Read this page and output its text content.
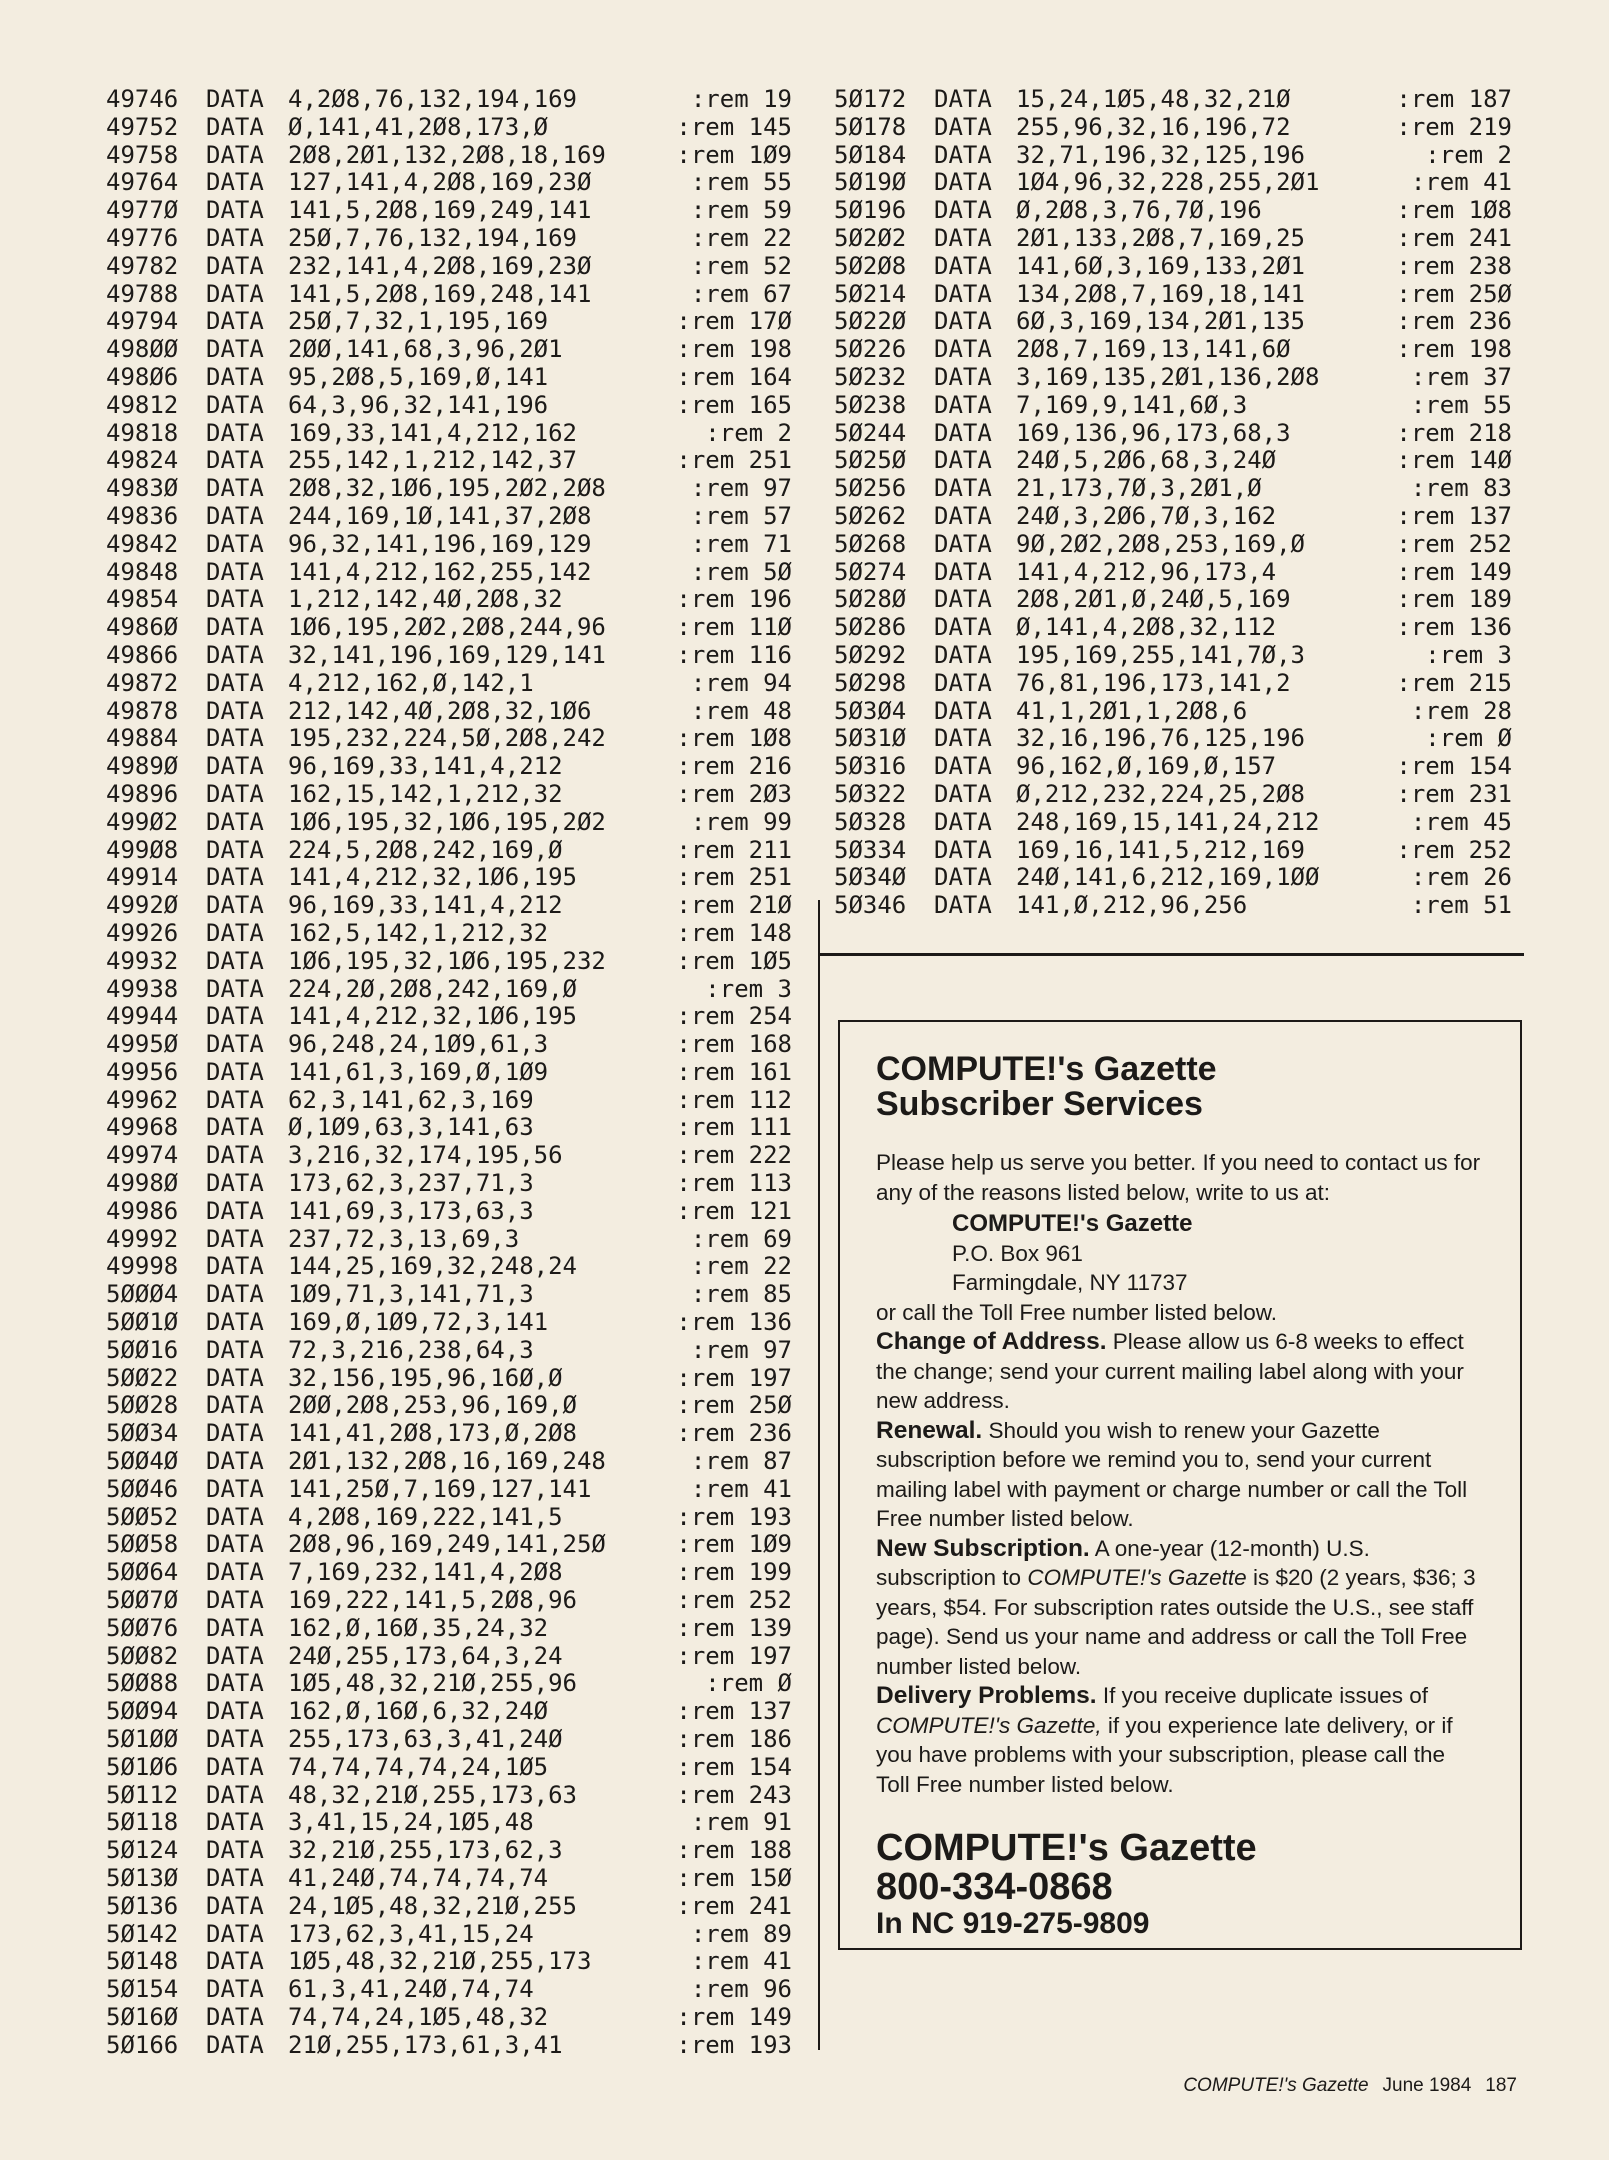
49746 DATA 4,2Ø8,76,132,194,169	:rem 19
49752 DATA Ø,141,41,2Ø8,173,Ø	:rem 145
49758 DATA 2Ø8,2Ø1,132,2Ø8,18,169	:rem 1Ø9
49764 DATA 127,141,4,2Ø8,169,23Ø	:rem 55
4977Ø DATA 141,5,2Ø8,169,249,141	:rem 59
49776 DATA 25Ø,7,76,132,194,169	:rem 22
49782 DATA 232,141,4,2Ø8,169,23Ø	:rem 52
49788 DATA 141,5,2Ø8,169,248,141	:rem 67
49794 DATA 25Ø,7,32,1,195,169	:rem 17Ø
498ØØ DATA 2ØØ,141,68,3,96,2Ø1	:rem 198
498Ø6 DATA 95,2Ø8,5,169,Ø,141	:rem 164
49812 DATA 64,3,96,32,141,196	:rem 165
49818 DATA 169,33,141,4,212,162	:rem 2
49824 DATA 255,142,1,212,142,37	:rem 251
4983Ø DATA 2Ø8,32,1Ø6,195,2Ø2,2Ø8	:rem 97
49836 DATA 244,169,1Ø,141,37,2Ø8	:rem 57
49842 DATA 96,32,141,196,169,129	:rem 71
49848 DATA 141,4,212,162,255,142	:rem 5Ø
49854 DATA 1,212,142,4Ø,2Ø8,32	:rem 196
4986Ø DATA 1Ø6,195,2Ø2,2Ø8,244,96	:rem 11Ø
49866 DATA 32,141,196,169,129,141	:rem 116
49872 DATA 4,212,162,Ø,142,1	:rem 94
49878 DATA 212,142,4Ø,2Ø8,32,1Ø6	:rem 48
49884 DATA 195,232,224,5Ø,2Ø8,242	:rem 1Ø8
4989Ø DATA 96,169,33,141,4,212	:rem 216
49896 DATA 162,15,142,1,212,32	:rem 2Ø3
499Ø2 DATA 1Ø6,195,32,1Ø6,195,2Ø2	:rem 99
499Ø8 DATA 224,5,2Ø8,242,169,Ø	:rem 211
49914 DATA 141,4,212,32,1Ø6,195	:rem 251
4992Ø DATA 96,169,33,141,4,212	:rem 21Ø
49926 DATA 162,5,142,1,212,32	:rem 148
49932 DATA 1Ø6,195,32,1Ø6,195,232	:rem 1Ø5
49938 DATA 224,2Ø,2Ø8,242,169,Ø	:rem 3
49944 DATA 141,4,212,32,1Ø6,195	:rem 254
4995Ø DATA 96,248,24,1Ø9,61,3	:rem 168
49956 DATA 141,61,3,169,Ø,1Ø9	:rem 161
49962 DATA 62,3,141,62,3,169	:rem 112
49968 DATA Ø,1Ø9,63,3,141,63	:rem 111
49974 DATA 3,216,32,174,195,56	:rem 222
4998Ø DATA 173,62,3,237,71,3	:rem 113
49986 DATA 141,69,3,173,63,3	:rem 121
49992 DATA 237,72,3,13,69,3	:rem 69
49998 DATA 144,25,169,32,248,24	:rem 22
5ØØØ4 DATA 1Ø9,71,3,141,71,3	:rem 85
5ØØ1Ø DATA 169,Ø,1Ø9,72,3,141	:rem 136
5ØØ16 DATA 72,3,216,238,64,3	:rem 97
5ØØ22 DATA 32,156,195,96,16Ø,Ø	:rem 197
5ØØ28 DATA 2ØØ,2Ø8,253,96,169,Ø	:rem 25Ø
5ØØ34 DATA 141,41,2Ø8,173,Ø,2Ø8	:rem 236
5ØØ4Ø DATA 2Ø1,132,2Ø8,16,169,248	:rem 87
5ØØ46 DATA 141,25Ø,7,169,127,141	:rem 41
5ØØ52 DATA 4,2Ø8,169,222,141,5	:rem 193
5ØØ58 DATA 2Ø8,96,169,249,141,25Ø	:rem 1Ø9
5ØØ64 DATA 7,169,232,141,4,2Ø8	:rem 199
5ØØ7Ø DATA 169,222,141,5,2Ø8,96	:rem 252
5ØØ76 DATA 162,Ø,16Ø,35,24,32	:rem 139
5ØØ82 DATA 24Ø,255,173,64,3,24	:rem 197
5ØØ88 DATA 1Ø5,48,32,21Ø,255,96	:rem Ø
5ØØ94 DATA 162,Ø,16Ø,6,32,24Ø	:rem 137
5Ø1ØØ DATA 255,173,63,3,41,24Ø	:rem 186
5Ø1Ø6 DATA 74,74,74,74,24,1Ø5	:rem 154
5Ø112 DATA 48,32,21Ø,255,173,63	:rem 243
5Ø118 DATA 3,41,15,24,1Ø5,48	:rem 91
5Ø124 DATA 32,21Ø,255,173,62,3	:rem 188
5Ø13Ø DATA 41,24Ø,74,74,74,74	:rem 15Ø
5Ø136 DATA 24,1Ø5,48,32,21Ø,255	:rem 241
5Ø142 DATA 173,62,3,41,15,24	:rem 89
5Ø148 DATA 1Ø5,48,32,21Ø,255,173	:rem 41
5Ø154 DATA 61,3,41,24Ø,74,74	:rem 96
5Ø16Ø DATA 74,74,24,1Ø5,48,32	:rem 149
5Ø166 DATA 21Ø,255,173,61,3,41	:rem 193
5Ø172 DATA 15,24,1Ø5,48,32,21Ø	:rem 187
5Ø178 DATA 255,96,32,16,196,72	:rem 219
5Ø184 DATA 32,71,196,32,125,196	:rem 2
5Ø19Ø DATA 1Ø4,96,32,228,255,2Ø1	:rem 41
5Ø196 DATA Ø,2Ø8,3,76,7Ø,196	:rem 1Ø8
5Ø2Ø2 DATA 2Ø1,133,2Ø8,7,169,25	:rem 241
5Ø2Ø8 DATA 141,6Ø,3,169,133,2Ø1	:rem 238
5Ø214 DATA 134,2Ø8,7,169,18,141	:rem 25Ø
5Ø22Ø DATA 6Ø,3,169,134,2Ø1,135	:rem 236
5Ø226 DATA 2Ø8,7,169,13,141,6Ø	:rem 198
5Ø232 DATA 3,169,135,2Ø1,136,2Ø8	:rem 37
5Ø238 DATA 7,169,9,141,6Ø,3	:rem 55
5Ø244 DATA 169,136,96,173,68,3	:rem 218
5Ø25Ø DATA 24Ø,5,2Ø6,68,3,24Ø	:rem 14Ø
5Ø256 DATA 21,173,7Ø,3,2Ø1,Ø	:rem 83
5Ø262 DATA 24Ø,3,2Ø6,7Ø,3,162	:rem 137
5Ø268 DATA 9Ø,2Ø2,2Ø8,253,169,Ø	:rem 252
5Ø274 DATA 141,4,212,96,173,4	:rem 149
5Ø28Ø DATA 2Ø8,2Ø1,Ø,24Ø,5,169	:rem 189
5Ø286 DATA Ø,141,4,2Ø8,32,112	:rem 136
5Ø292 DATA 195,169,255,141,7Ø,3	:rem 3
5Ø298 DATA 76,81,196,173,141,2	:rem 215
5Ø3Ø4 DATA 41,1,2Ø1,1,2Ø8,6	:rem 28
5Ø31Ø DATA 32,16,196,76,125,196	:rem Ø
5Ø316 DATA 96,162,Ø,169,Ø,157	:rem 154
5Ø322 DATA Ø,212,232,224,25,2Ø8	:rem 231
5Ø328 DATA 248,169,15,141,24,212	:rem 45
5Ø334 DATA 169,16,141,5,212,169	:rem 252
5Ø34Ø DATA 24Ø,141,6,212,169,1ØØ	:rem 26
5Ø346 DATA 141,Ø,212,96,256	:rem 51
COMPUTE!'s Gazette
Subscriber Services

Please help us serve you better. If you need to contact us for any of the reasons listed below, write to us at:

COMPUTE!'s Gazette
P.O. Box 961
Farmingdale, NY 11737

or call the Toll Free number listed below.

Change of Address. Please allow us 6-8 weeks to effect the change; send your current mailing label along with your new address.

Renewal. Should you wish to renew your Gazette subscription before we remind you to, send your current mailing label with payment or charge number or call the Toll Free number listed below.

New Subscription. A one-year (12-month) U.S. subscription to COMPUTE!'s Gazette is $20 (2 years, $36; 3 years, $54. For subscription rates outside the U.S., see staff page). Send us your name and address or call the Toll Free number listed below.

Delivery Problems. If you receive duplicate issues of COMPUTE!'s Gazette, if you experience late delivery, or if you have problems with your subscription, please call the Toll Free number listed below.

COMPUTE!'s Gazette
800-334-0868
In NC 919-275-9809
COMPUTE!'s Gazette June 1984 187
